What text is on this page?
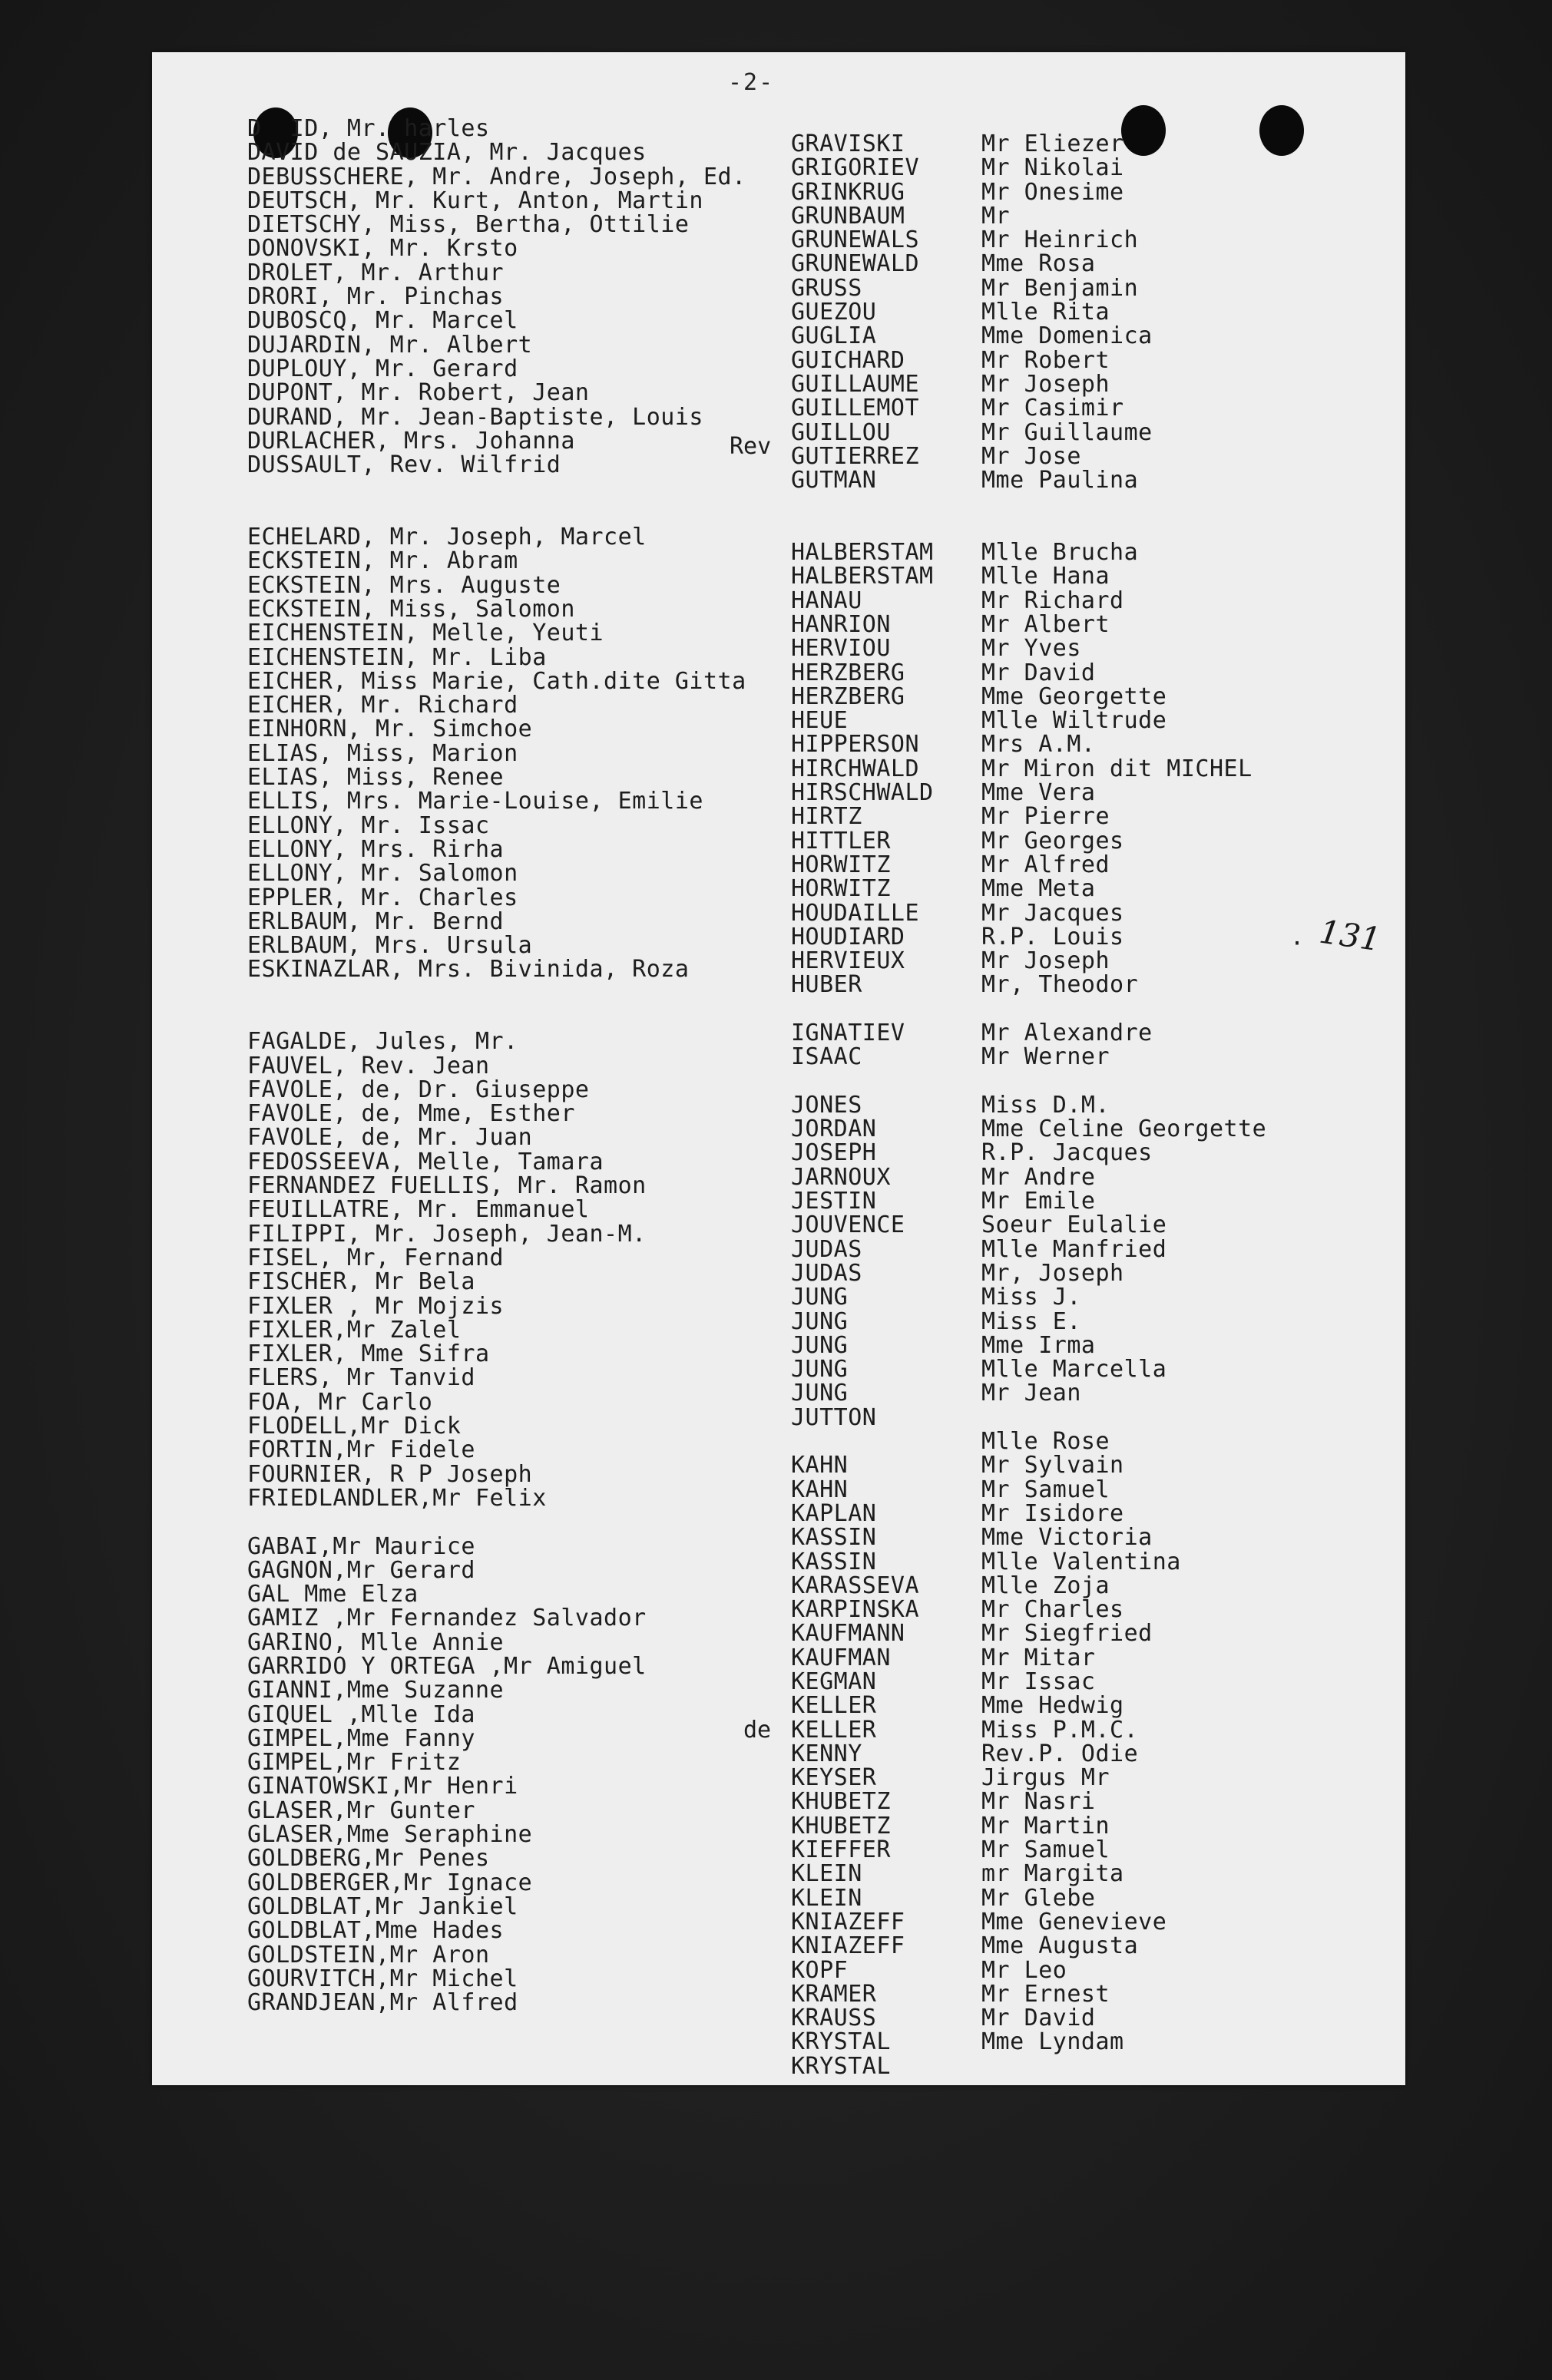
-2-
D  ID, Mr. harles
DAVID de SAUZIA, Mr. Jacques
DEBUSSCHERE, Mr. Andre, Joseph, Ed.
DEUTSCH, Mr. Kurt, Anton, Martin
DIETSCHY, Miss, Bertha, Ottilie
DONOVSKI, Mr. Krsto
DROLET, Mr. Arthur
DRORI, Mr. Pinchas
DUBOSCQ, Mr. Marcel
DUJARDIN, Mr. Albert
DUPLOUY, Mr. Gerard
DUPONT, Mr. Robert, Jean
DURAND, Mr. Jean-Baptiste, Louis
DURLACHER, Mrs. Johanna
DUSSAULT, Rev. Wilfrid
ECHELARD, Mr. Joseph, Marcel
ECKSTEIN, Mr. Abram
ECKSTEIN, Mrs. Auguste
ECKSTEIN, Miss, Salomon
EICHENSTEIN, Melle, Yeuti
EICHENSTEIN, Mr. Liba
EICHER, Miss Marie, Cath.dite Gitta
EICHER, Mr. Richard
EINHORN, Mr. Simchoe
ELIAS, Miss, Marion
ELIAS, Miss, Renee
ELLIS, Mrs. Marie-Louise, Emilie
ELLONY, Mr. Issac
ELLONY, Mrs. Rirha
ELLONY, Mr. Salomon
EPPLER, Mr. Charles
ERLBAUM, Mr. Bernd
ERLBAUM, Mrs. Ursula
ESKINAZLAR, Mrs. Bivinida, Roza
FAGALDE, Jules, Mr.
FAUVEL, Rev. Jean
FAVOLE, de, Dr. Giuseppe
FAVOLE, de, Mme, Esther
FAVOLE, de, Mr. Juan
FEDOSSEEVA, Melle, Tamara
FERNANDEZ FUELLIS, Mr. Ramon
FEUILLATRE, Mr. Emmanuel
FILIPPI, Mr. Joseph, Jean-M.
FISEL, Mr, Fernand
FISCHER, Mr Bela
FIXLER , Mr Mojzis
FIXLER,Mr Zalel
FIXLER, Mme Sifra
FLERS, Mr Tanvid
FOA, Mr Carlo
FLODELL,Mr Dick
FORTIN,Mr Fidele
FOURNIER, R P Joseph
FRIEDLANDLER,Mr Felix
GABAI,Mr Maurice
GAGNON,Mr Gerard
GAL Mme Elza
GAMIZ ,Mr Fernandez Salvador
GARINO, Mlle Annie
GARRIDO Y ORTEGA ,Mr Amiguel
GIANNI,Mme Suzanne
GIQUEL ,Mlle Ida
GIMPEL,Mme Fanny
GIMPEL,Mr Fritz
GINATOWSKI,Mr Henri
GLASER,Mr Gunter
GLASER,Mme Seraphine
GOLDBERG,Mr Penes
GOLDBERGER,Mr Ignace
GOLDBLAT,Mr Jankiel
GOLDBLAT,Mme Hades
GOLDSTEIN,Mr Aron
GOURVITCH,Mr Michel
GRANDJEAN,Mr Alfred
GRAVISKI
GRIGORIEV
GRINKRUG
GRUNBAUM
GRUNEWALS
GRUNEWALD
GRUSS
GUEZOU
GUGLIA
GUICHARD
GUILLAUME
GUILLEMOT
GUILLOU
GUTIERREZ
GUTMAN
HALBERSTAM
HALBERSTAM
HANAU
HANRION
HERVIOU
HERZBERG
HERZBERG
HEUE
HIPPERSON
HIRCHWALD
HIRSCHWALD
HIRTZ
HITTLER
HORWITZ
HORWITZ
HOUDAILLE
HOUDIARD
HERVIEUX
HUBER
IGNATIEV
ISAAC
JONES
JORDAN
JOSEPH
JARNOUX
JESTIN
JOUVENCE
JUDAS
JUDAS
JUNG
JUNG
JUNG
JUNG
JUNG
JUTTON
KAHN
KAHN
KAPLAN
KASSIN
KASSIN
KARASSEVA
KARPINSKA
KAUFMANN
KAUFMAN
KEGMAN
KELLER
KELLER
KENNY
KEYSER
KHUBETZ
KHUBETZ
KIEFFER
KLEIN
KLEIN
KNIAZEFF
KNIAZEFF
KOPF
KRAMER
KRAUSS
KRYSTAL
KRYSTAL
Mr Eliezer
Mr Nikolai
Mr Onesime
Mr
Mr Heinrich
Mme Rosa
Mr Benjamin
Mlle Rita
Mme Domenica
Mr Robert
Mr Joseph
Mr Casimir
Mr Guillaume
Mr Jose
Mme Paulina
Mlle Brucha
Mlle Hana
Mr Richard
Mr Albert
Mr Yves
Mr David
Mme Georgette
Mlle Wiltrude
Mrs A.M.
Mr Miron dit MICHEL
Mme Vera
Mr Pierre
Mr Georges
Mr Alfred
Mme Meta
Mr Jacques
R.P. Louis
Mr Joseph
Mr, Theodor
Mr Alexandre
Mr Werner
Miss D.M.
Mme Celine Georgette
R.P. Jacques
Mr Andre
Mr Emile
Soeur Eulalie
Mlle Manfried
Mr, Joseph
Miss J.
Miss E.
Mme Irma
Mlle Marcella
Mr Jean
Mlle Rose
Mr Sylvain
Mr Samuel
Mr Isidore
Mme Victoria
Mlle Valentina
Mlle Zoja
Mr Charles
Mr Siegfried
Mr Mitar
Mr Issac
Mme Hedwig
Miss P.M.C.
Rev.P. Odie
Jirgus Mr
Mr Nasri
Mr Martin
Mr Samuel
mr Margita
Mr Glebe
Mme Genevieve
Mme Augusta
Mr Leo
Mr Ernest
Mr David
Mme Lyndam
Rev
de
· 131
